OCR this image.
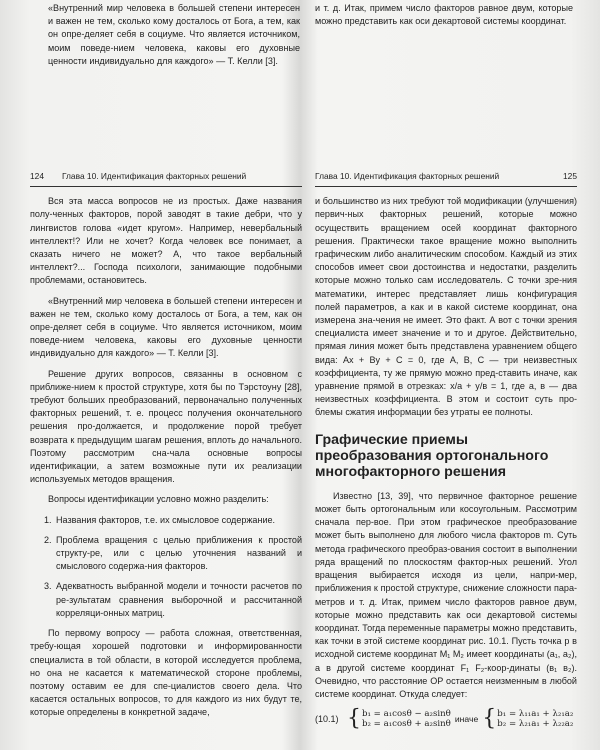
«Внутренний мир человека в большей степени интересен и важен не тем, сколько кому досталось от Бога, а тем, как он опре-деляет себя в социуме. Что является источником, моим поведе-нием человека, каковы его духовные ценности индивидуально для каждого» — Т. Келли [3].

и т. д. Итак, примем число факторов равное двум, которые можно представить как оси декартовой системы координат.

124 Глава 10. Идентификация факторных решений

Вся эта масса вопросов не из простых. Даже названия полу-ченных факторов, порой заводят в такие дебри, что у лингвистов голова «идет кругом». Например, невербальный интеллект!? Или не хочет? Когда человек все понимает, а сказать ничего не может? А, что такое вербальный интеллект?... Господа психологи, занимающие подобными проблемами, остановитесь.

«Внутренний мир человека в большей степени интересен и важен не тем, сколько кому досталось от Бога, а тем, как он опре-деляет себя в социуме. Что является источником, моим поведе-нием человека, каковы его духовные ценности индивидуально для каждого» — Т. Келли [3].

Решение других вопросов, связанны в основном с приближе-нием к простой структуре, хотя бы по Тэрстоуну [28], требуют больших преобразований, первоначально полученных факторных решений, т. е. процесс получения окончательного решения про-должается, и продолжение порой требует возврата к предыдущим шагам решения, вплоть до начального. Поэтому рассмотрим сна-чала основные вопросы идентификации, а затем возможные пути их реализации используемых методов вращения.

Вопросы идентификации условно можно разделить:

1. Названия факторов, т.е. их смысловое содержание.
2. Проблема вращения с целью приближения к простой структу-ре, или с целью уточнения названий и смыслового содержа-ния факторов.
3. Адекватность выбранной модели и точности расчетов по ре-зультатам сравнения выборочной и рассчитанной корреляци-онных матриц.

По первому вопросу — работа сложная, ответственная, требу-ющая хорошей подготовки и информированности специалиста в той области, в которой исследуется проблема, но она не касается к математической стороне проблемы, поэтому оставим ее для спе-циалистов своего дела. Что касается остальных вопросов, то для каждого из них будут те, которые определены в конкретной задаче,

Глава 10. Идентификация факторных решений	125

и большинство из них требуют той модификации (улучшения) первич-ных факторных решений, которые можно осуществить вращением осей координат факторного решения. Практически такое вращение можно выполнить графическим либо аналитическим способом. Каждый из этих способов имеет свои достоинства и недостатки, разделить которые можно только сам исследователь. С точки зре-ния математики, интерес представляет лишь конфигурация полей параметров, а как и в какой системе координат, она измерена зна-чения не имеет. Это факт. А вот с точки зрения специалиста имеет значение и то и другое. Действительно, прямая линия может быть представлена уравнением общего вида: Ax + By + C = 0, где A, B, C — три неизвестных коэффициента, ту же прямую можно пред-ставить иначе, как уравнение прямой в отрезках: x/a + y/в = 1, где a, в — два неизвестных коэффициента. В этом и состоит суть про-блемы сжатия информации без утраты ее полноты.

Графические приемы преобразования ортогонального многофакторного решения

Известно [13, 39], что первичное факторное решение может быть ортогональным или косоугольным. Рассмотрим сначала пер-вое. При этом графическое преобразование может быть выполнено для любого числа факторов m. Суть метода графического преобраз-ования состоит в выполнении ряда вращений по плоскостям фактор-ных решений. Угол вращения выбирается исходя из цели, напри-мер, приближения к простой структуре, снижение сложности пара-метров и т. д. Итак, примем число факторов равное двум, которые можно представить как оси декартовой системы координат. Тогда переменные параметры можно представить, как точки в этой системе координат рис. 10.1. Пусть точка р в исходной системе координат M₁ M₂ имеет координаты (a₁, a₂), а в другой системе координат F₁ F₂-коор-динаты (в₁ в₂). Очевидно, что расстояние OP остается неизменным в любой системе координат. Откуда следует:

(10.1) { b₁ = a₁cosθ − a₂sinθ
b₂ = a₁cosθ + a₂sinθ иначе { b₁ = λ₁₁a₁ + λ₂₁a₂
b₂ = λ₂₁a₁ + λ₂₂a₂
